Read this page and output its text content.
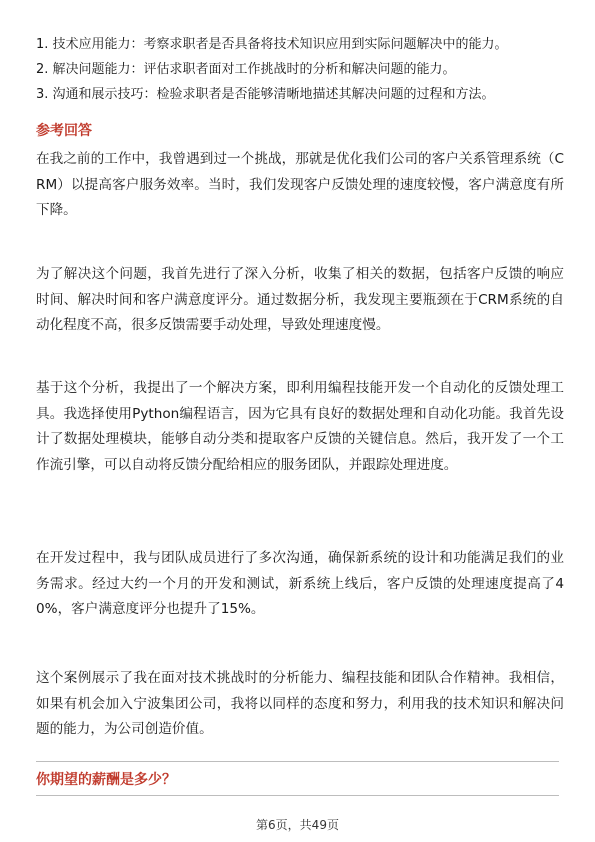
1. 技术应用能力：考察求职者是否具备将技术知识应用到实际问题解决中的能力。
2. 解决问题能力：评估求职者面对工作挑战时的分析和解决问题的能力。
3. 沟通和展示技巧：检验求职者是否能够清晰地描述其解决问题的过程和方法。
参考回答

在我之前的工作中，我曾遇到过一个挑战，那就是优化我们公司的客户关系管理系统（CRM）以提高客户服务效率。当时，我们发现客户反馈处理的速度较慢，客户满意度有所下降。

为了解决这个问题，我首先进行了深入分析，收集了相关的数据，包括客户反馈的响应时间、解决时间和客户满意度评分。通过数据分析，我发现主要瓶颈在于CRM系统的自动化程度不高，很多反馈需要手动处理，导致处理速度慢。

基于这个分析，我提出了一个解决方案，即利用编程技能开发一个自动化的反馈处理工具。我选择使用Python编程语言，因为它具有良好的数据处理和自动化功能。我首先设计了数据处理模块，能够自动分类和提取客户反馈的关键信息。然后，我开发了一个工作流引擎，可以自动将反馈分配给相应的服务团队，并跟踪处理进度。

在开发过程中，我与团队成员进行了多次沟通，确保新系统的设计和功能满足我们的业务需求。经过大约一个月的开发和测试，新系统上线后，客户反馈的处理速度提高了40%，客户满意度评分也提升了15%。

这个案例展示了我在面对技术挑战时的分析能力、编程技能和团队合作精神。我相信，如果有机会加入宁波集团公司，我将以同样的态度和努力，利用我的技术知识和解决问题的能力，为公司创造价值。

你期望的薪酬是多少？
第6页，共49页
